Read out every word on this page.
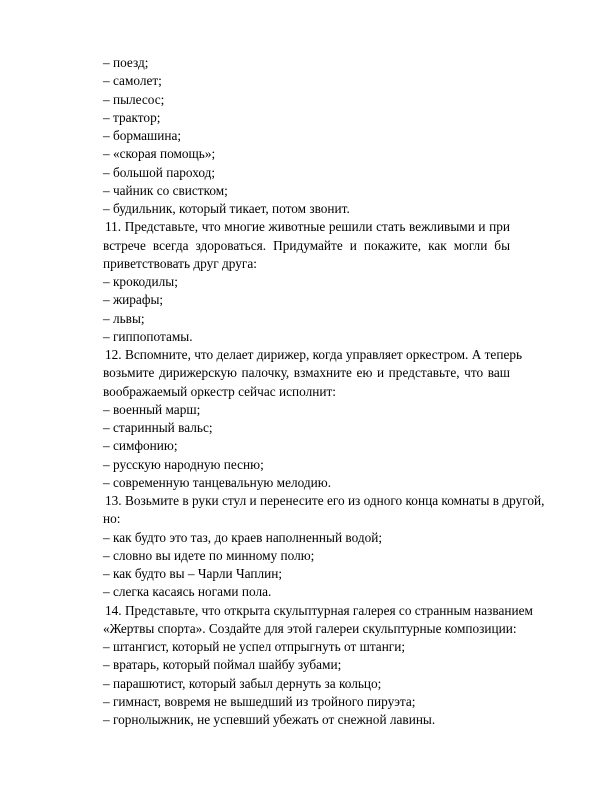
– поезд;
– самолет;
– пылесос;
– трактор;
– бормашина;
– «скорая помощь»;
– большой пароход;
– чайник со свистком;
– будильник, который тикает, потом звонит.
11. Представьте, что многие животные решили стать вежливыми и при
встрече всегда здороваться. Придумайте и покажите, как могли бы
приветствовать друг друга:
– крокодилы;
– жирафы;
– львы;
– гиппопотамы.
12. Вспомните, что делает дирижер, когда управляет оркестром. А теперь
возьмите дирижерскую палочку, взмахните ею и представьте, что ваш
воображаемый оркестр сейчас исполнит:
– военный марш;
– старинный вальс;
– симфонию;
– русскую народную песню;
– современную танцевальную мелодию.
13. Возьмите в руки стул и перенесите его из одного конца комнаты в другой,
но:
– как будто это таз, до краев наполненный водой;
– словно вы идете по минному полю;
– как будто вы – Чарли Чаплин;
– слегка касаясь ногами пола.
14. Представьте, что открыта скульптурная галерея со странным названием
«Жертвы спорта». Создайте для этой галереи скульптурные композиции:
– штангист, который не успел отпрыгнуть от штанги;
– вратарь, который поймал шайбу зубами;
– парашютист, который забыл дернуть за кольцо;
– гимнаст, вовремя не вышедший из тройного пируэта;
– горнолыжник, не успевший убежать от снежной лавины.
